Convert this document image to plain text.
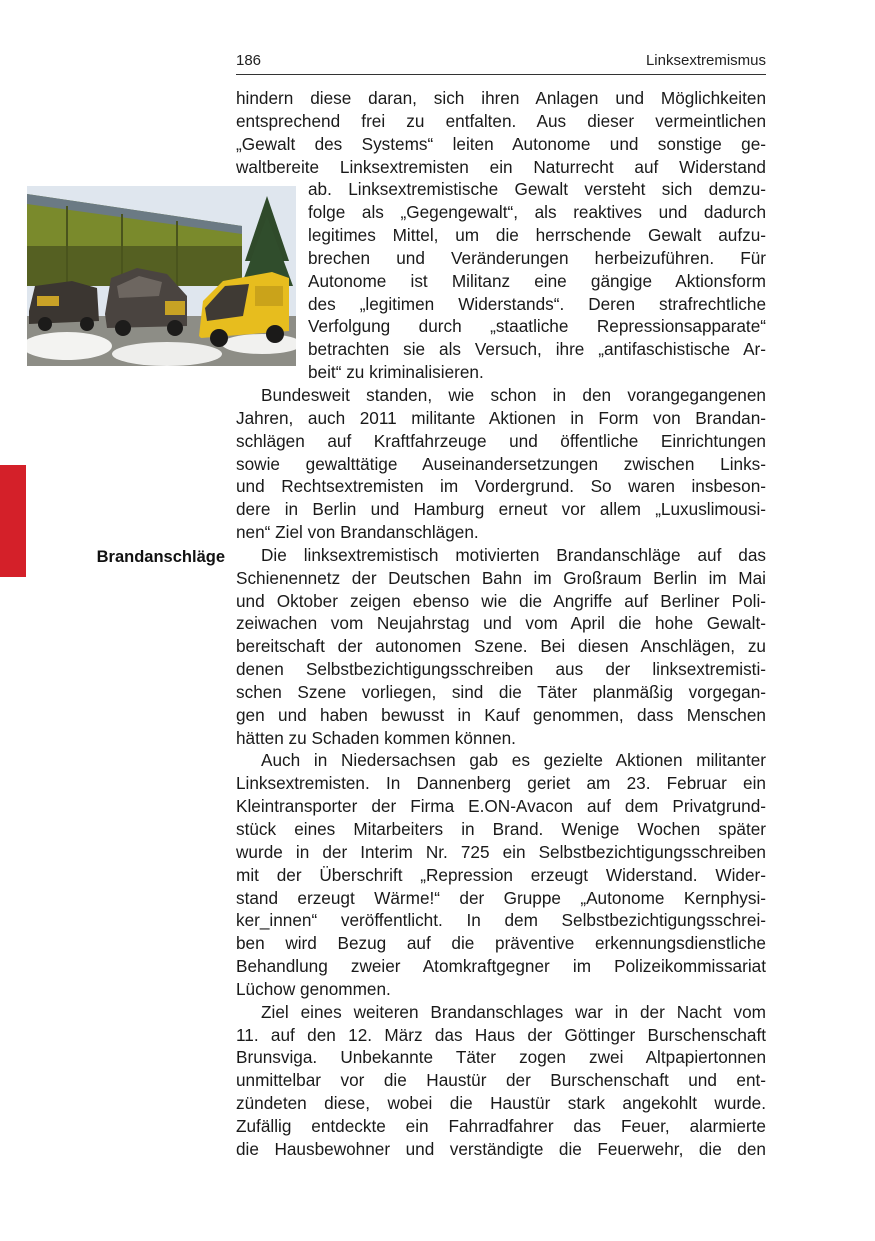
186	Linksextremismus
Brandanschläge
hindern diese daran, sich ihren Anlagen und Möglichkeiten
entsprechend frei zu entfalten. Aus dieser vermeintlichen
„Gewalt des Systems“ leiten Autonome und sonstige ge-
waltbereite Linksextremisten ein Naturrecht auf Widerstand
ab. Linksextremistische Gewalt versteht sich demzu-
folge als „Gegengewalt“, als reaktives und dadurch
legitimes Mittel, um die herrschende Gewalt aufzu-
brechen und Veränderungen herbeizuführen. Für
Autonome ist Militanz eine gängige Aktionsform
des „legitimen Widerstands“. Deren strafrechtliche
Verfolgung durch „staatliche Repressionsapparate“
betrachten sie als Versuch, ihre „antifaschistische Ar-
beit“ zu kriminalisieren.
Bundesweit standen, wie schon in den vorangegangenen
Jahren, auch 2011 militante Aktionen in Form von Brandan-
schlägen auf Kraftfahrzeuge und öffentliche Einrichtungen
sowie gewalttätige Auseinandersetzungen zwischen Links-
und Rechtsextremisten im Vordergrund. So waren insbeson-
dere in Berlin und Hamburg erneut vor allem „Luxuslimousi-
nen“ Ziel von Brandanschlägen.
Die linksextremistisch motivierten Brandanschläge auf das
Schienennetz der Deutschen Bahn im Großraum Berlin im Mai
und Oktober zeigen ebenso wie die Angriffe auf Berliner Poli-
zeiwachen vom Neujahrstag und vom April die hohe Gewalt-
bereitschaft der autonomen Szene. Bei diesen Anschlägen, zu
denen Selbstbezichtigungsschreiben aus der linksextremisti-
schen Szene vorliegen, sind die Täter planmäßig vorgegan-
gen und haben bewusst in Kauf genommen, dass Menschen
hätten zu Schaden kommen können.
Auch in Niedersachsen gab es gezielte Aktionen militanter
Linksextremisten. In Dannenberg geriet am 23. Februar ein
Kleintransporter der Firma E.ON-Avacon auf dem Privatgrund-
stück eines Mitarbeiters in Brand. Wenige Wochen später
wurde in der Interim Nr. 725 ein Selbstbezichtigungsschreiben
mit der Überschrift „Repression erzeugt Widerstand. Wider-
stand erzeugt Wärme!“ der Gruppe „Autonome Kernphysi-
ker_innen“ veröffentlicht. In dem Selbstbezichtigungsschrei-
ben wird Bezug auf die präventive erkennungsdienstliche
Behandlung zweier Atomkraftgegner im Polizeikommissariat
Lüchow genommen.
Ziel eines weiteren Brandanschlages war in der Nacht vom
11. auf den 12. März das Haus der Göttinger Burschenschaft
Brunsviga. Unbekannte Täter zogen zwei Altpapiertonnen
unmittelbar vor die Haustür der Burschenschaft und ent-
zündeten diese, wobei die Haustür stark angekohlt wurde.
Zufällig entdeckte ein Fahrradfahrer das Feuer, alarmierte
die Hausbewohner und verständigte die Feuerwehr, die den
